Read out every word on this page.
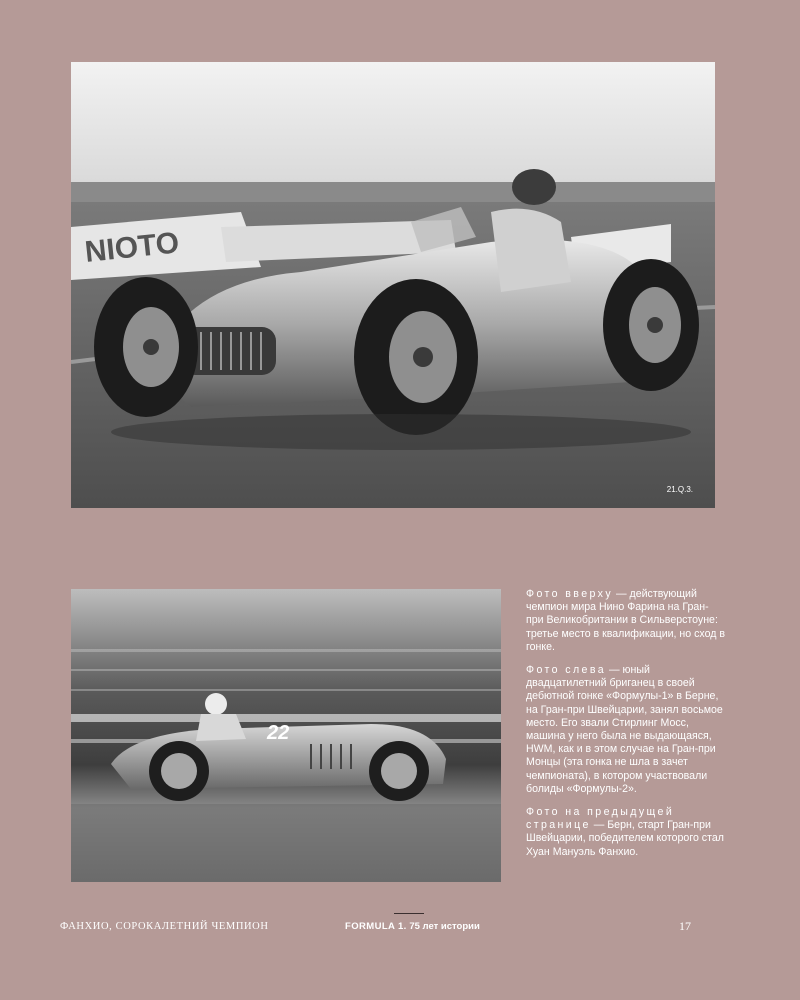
NIOTO
21.Q.3.
22

Фото вверху — действующий чемпион мира Нино Фарина на Гран-при Великобритании в Сильверстоуне: третье место в квалификации, но сход в гонке.

Фото слева — юный двадцатилетний бриганец в своей дебютной гонке «Формулы-1» в Берне, на Гран-при Швейцарии, занял восьмое место. Его звали Стирлинг Мосс, машина у него была не выдающаяся, HWM, как и в этом случае на Гран-при Монцы (эта гонка не шла в зачет чемпионата), в котором участвовали болиды «Формулы-2».

Фото на предыдущей странице — Берн, старт Гран-при Швейцарии, победителем которого стал Хуан Мануэль Фанхио.

ФАНХИО, СОРОКАЛЕТНИЙ ЧЕМПИОН	FORMULA 1. 75 лет истории	17
